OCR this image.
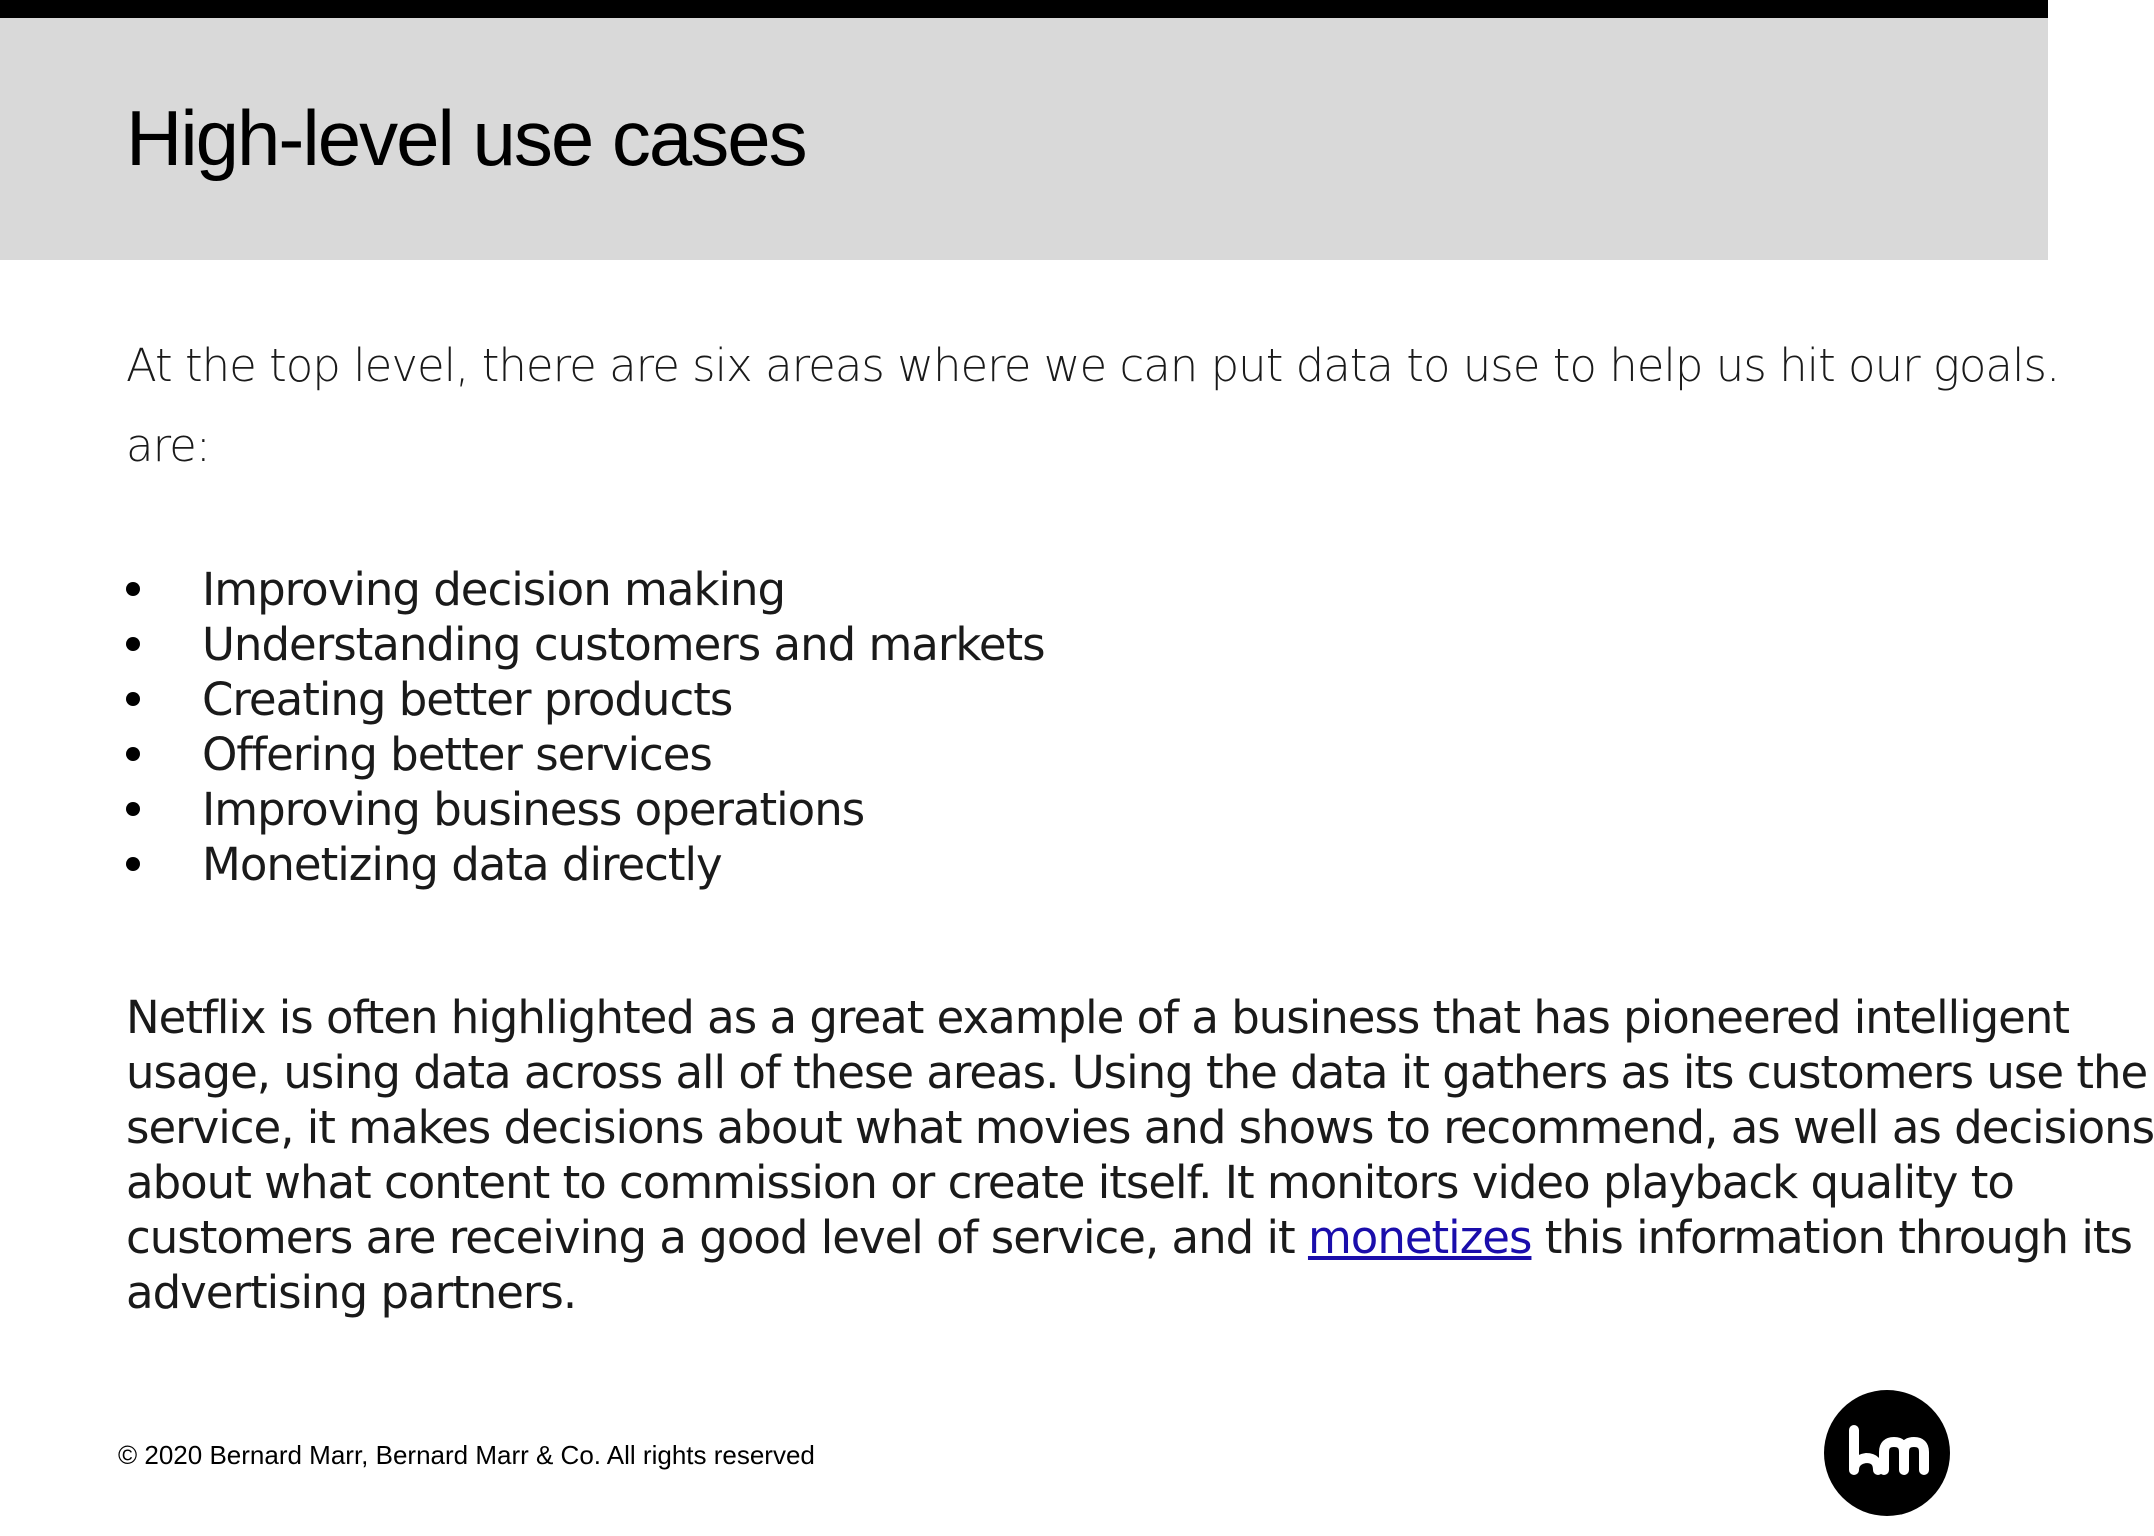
High-level use cases

At the top level, there are six areas where we can put data to use to help us hit our goals.
are:

Improving decision making
Understanding customers and markets
Creating better products
Offering better services
Improving business operations
Monetizing data directly

Netflix is often highlighted as a great example of a business that has pioneered intelligent
usage, using data across all of these areas. Using the data it gathers as its customers use the
service, it makes decisions about what movies and shows to recommend, as well as decisions
about what content to commission or create itself. It monitors video playback quality to
customers are receiving a good level of service, and it monetizes this information through its
advertising partners.

© 2020 Bernard Marr, Bernard Marr & Co. All rights reserved
